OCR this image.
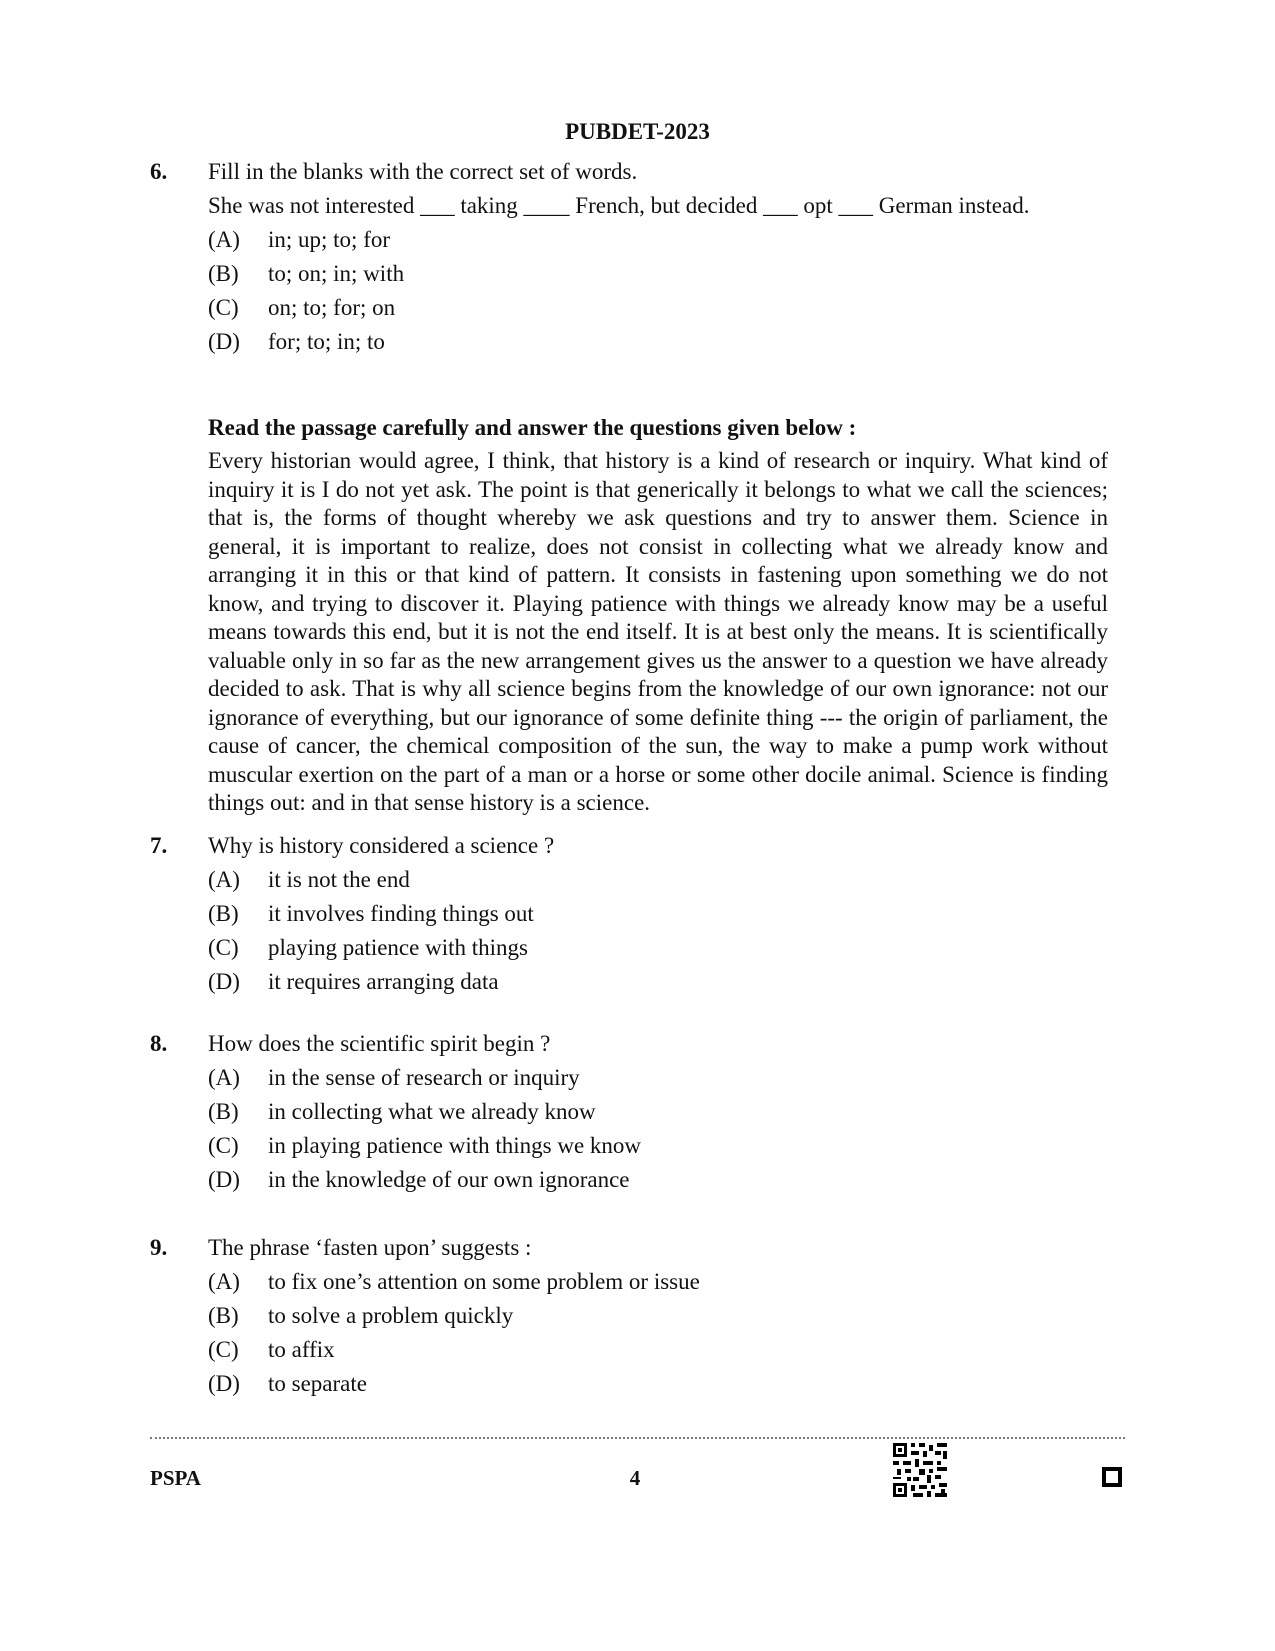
PUBDET-2023
6. Fill in the blanks with the correct set of words.
She was not interested ___ taking ____ French, but decided ___ opt ___ German instead.
(A)	in; up; to; for
(B)	to; on; in; with
(C)	on; to; for; on
(D)	for; to; in; to
Read the passage carefully and answer the questions given below :
Every historian would agree, I think, that history is a kind of research or inquiry. What kind of inquiry it is I do not yet ask. The point is that generically it belongs to what we call the sciences; that is, the forms of thought whereby we ask questions and try to answer them. Science in general, it is important to realize, does not consist in collecting what we already know and arranging it in this or that kind of pattern. It consists in fastening upon something we do not know, and trying to discover it. Playing patience with things we already know may be a useful means towards this end, but it is not the end itself. It is at best only the means. It is scientifically valuable only in so far as the new arrangement gives us the answer to a question we have already decided to ask. That is why all science begins from the knowledge of our own ignorance: not our ignorance of everything, but our ignorance of some definite thing --- the origin of parliament, the cause of cancer, the chemical composition of the sun, the way to make a pump work without muscular exertion on the part of a man or a horse or some other docile animal. Science is finding things out: and in that sense history is a science.
7. Why is history considered a science ?
(A)	it is not the end
(B)	it involves finding things out
(C)	playing patience with things
(D)	it requires arranging data
8. How does the scientific spirit begin ?
(A)	in the sense of research or inquiry
(B)	in collecting what we already know
(C)	in playing patience with things we know
(D)	in the knowledge of our own ignorance
9. The phrase ‘fasten upon’ suggests :
(A)	to fix one’s attention on some problem or issue
(B)	to solve a problem quickly
(C)	to affix
(D)	to separate
PSPA	4
